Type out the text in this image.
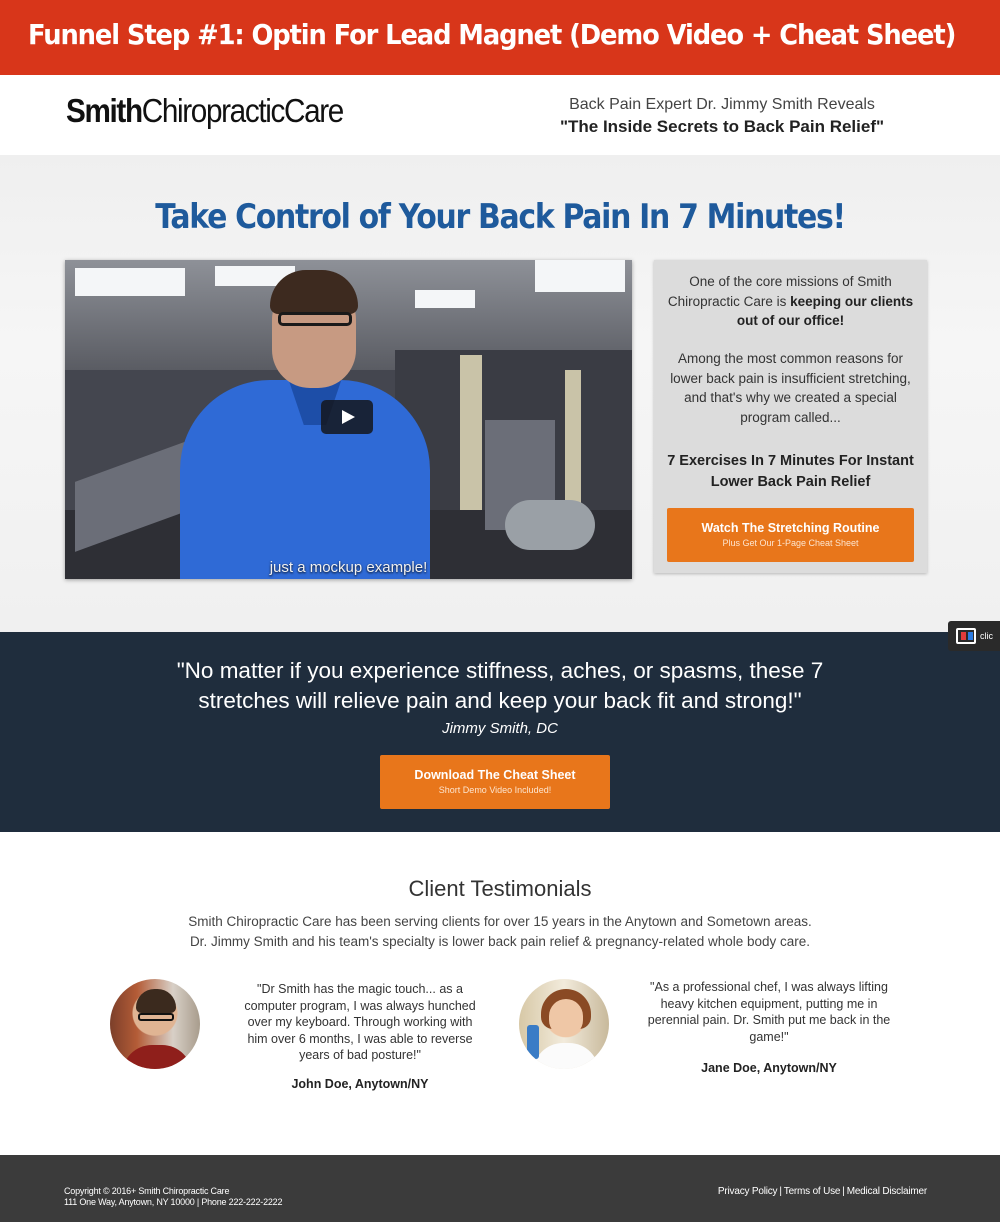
Funnel Step #1: Optin For Lead Magnet (Demo Video + Cheat Sheet)
SmithChiropracticCare	Back Pain Expert Dr. Jimmy Smith Reveals
"The Inside Secrets to Back Pain Relief"
Take Control of Your Back Pain In 7 Minutes!
just a mockup example!
One of the core missions of Smith Chiropractic Care is keeping our clients out of our office!
Among the most common reasons for lower back pain is insufficient stretching, and that's why we created a special program called...
7 Exercises In 7 Minutes For Instant Lower Back Pain Relief
Watch The Stretching Routine
Plus Get Our 1-Page Cheat Sheet
"No matter if you experience stiffness, aches, or spasms, these 7 stretches will relieve pain and keep your back fit and strong!"
Jimmy Smith, DC
Download The Cheat Sheet
Short Demo Video Included!
clic
Client Testimonials
Smith Chiropractic Care has been serving clients for over 15 years in the Anytown and Sometown areas.
Dr. Jimmy Smith and his team's specialty is lower back pain relief & pregnancy-related whole body care.
"Dr Smith has the magic touch... as a computer program, I was always hunched over my keyboard. Through working with him over 6 months, I was able to reverse years of bad posture!"
John Doe, Anytown/NY
"As a professional chef, I was always lifting heavy kitchen equipment, putting me in perennial pain. Dr. Smith put me back in the game!"
Jane Doe, Anytown/NY
Copyright © 2016+ Smith Chiropractic Care
111 One Way, Anytown, NY 10000 | Phone 222-222-2222
Privacy Policy | Terms of Use | Medical Disclaimer
